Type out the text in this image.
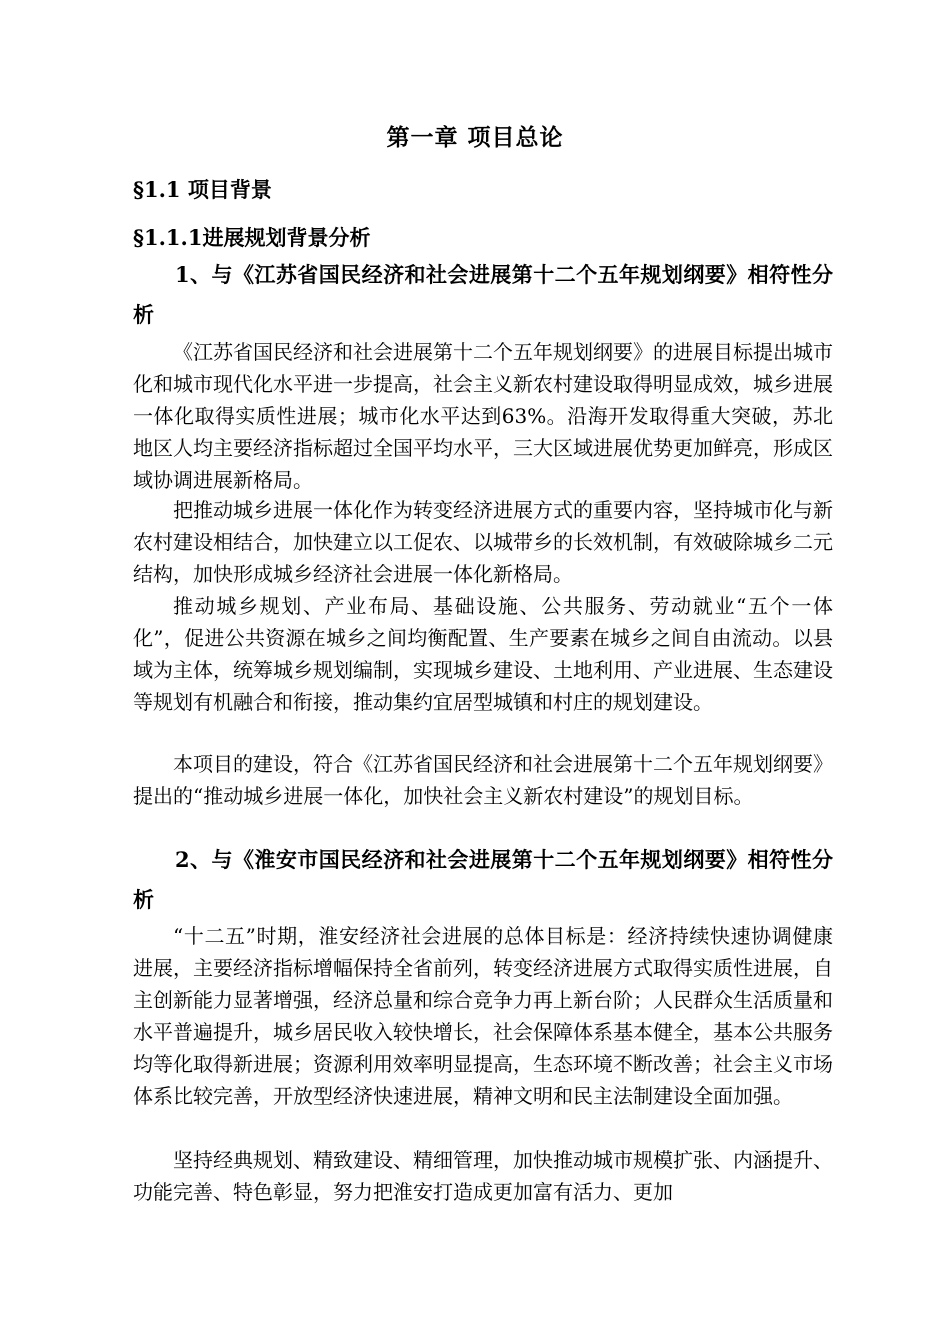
第一章 项目总论
§1.1 项目背景
§1.1.1进展规划背景分析
1、与《江苏省国民经济和社会进展第十二个五年规划纲要》相符性分析
《江苏省国民经济和社会进展第十二个五年规划纲要》的进展目标提出城市化和城市现代化水平进一步提高，社会主义新农村建设取得明显成效，城乡进展一体化取得实质性进展；城市化水平达到63%。沿海开发取得重大突破，苏北地区人均主要经济指标超过全国平均水平，三大区域进展优势更加鲜亮，形成区域协调进展新格局。
把推动城乡进展一体化作为转变经济进展方式的重要内容，坚持城市化与新农村建设相结合，加快建立以工促农、以城带乡的长效机制，有效破除城乡二元结构，加快形成城乡经济社会进展一体化新格局。
推动城乡规划、产业布局、基础设施、公共服务、劳动就业“五个一体化”，促进公共资源在城乡之间均衡配置、生产要素在城乡之间自由流动。以县域为主体，统筹城乡规划编制，实现城乡建设、土地利用、产业进展、生态建设等规划有机融合和衔接，推动集约宜居型城镇和村庄的规划建设。
本项目的建设，符合《江苏省国民经济和社会进展第十二个五年规划纲要》提出的“推动城乡进展一体化，加快社会主义新农村建设”的规划目标。
2、与《淮安市国民经济和社会进展第十二个五年规划纲要》相符性分析
“十二五”时期，淮安经济社会进展的总体目标是：经济持续快速协调健康进展，主要经济指标增幅保持全省前列，转变经济进展方式取得实质性进展，自主创新能力显著增强，经济总量和综合竞争力再上新台阶；人民群众生活质量和水平普遍提升，城乡居民收入较快增长，社会保障体系基本健全，基本公共服务均等化取得新进展；资源利用效率明显提高，生态环境不断改善；社会主义市场体系比较完善，开放型经济快速进展，精神文明和民主法制建设全面加强。
坚持经典规划、精致建设、精细管理，加快推动城市规模扩张、内涵提升、功能完善、特色彰显，努力把淮安打造成更加富有活力、更加
